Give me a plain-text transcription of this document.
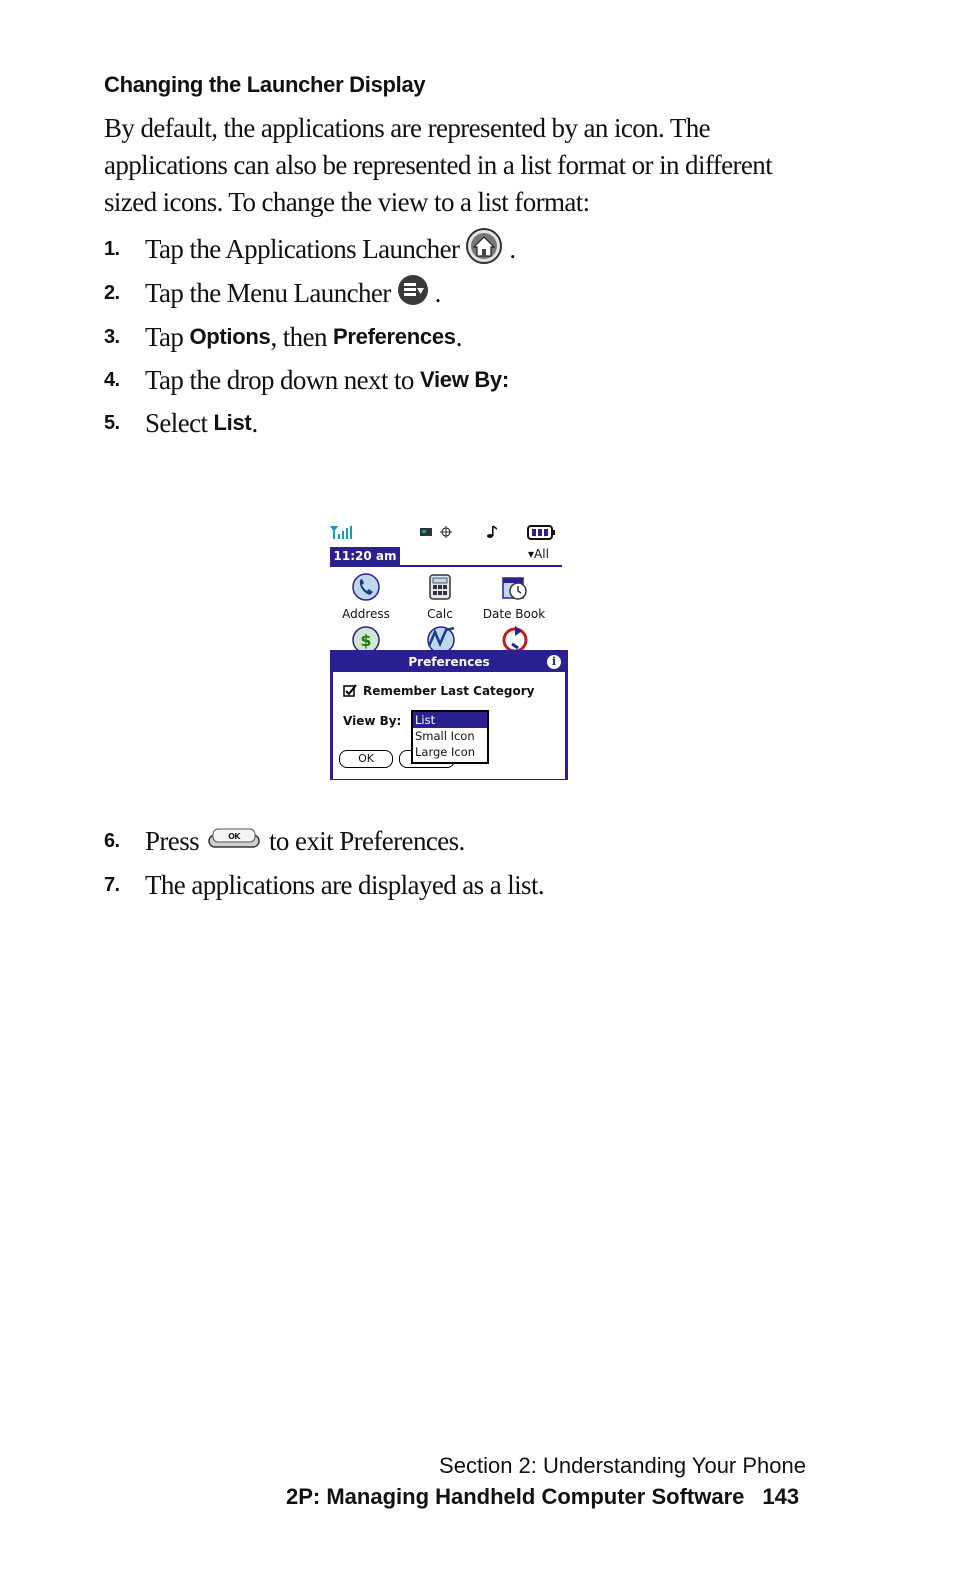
Changing the Launcher Display
By default, the applications are represented by an icon. The applications can also be represented in a list format or in different sized icons. To change the view to a list format:
1. Tap the Applications Launcher .
2. Tap the Menu Launcher .
3. Tap Options , then Preferences .
4. Tap the drop down next to View By:
5. Select List .
11:20 am	▾All
Address	Calc	Date Book
$
Preferences	i
Remember Last Category
View By:
OK
List
Small Icon
Large Icon
6. Press	OK to exit Preferences.
7. The applications are displayed as a list.
Section 2: Understanding Your Phone
2P: Managing Handheld Computer Software 143
